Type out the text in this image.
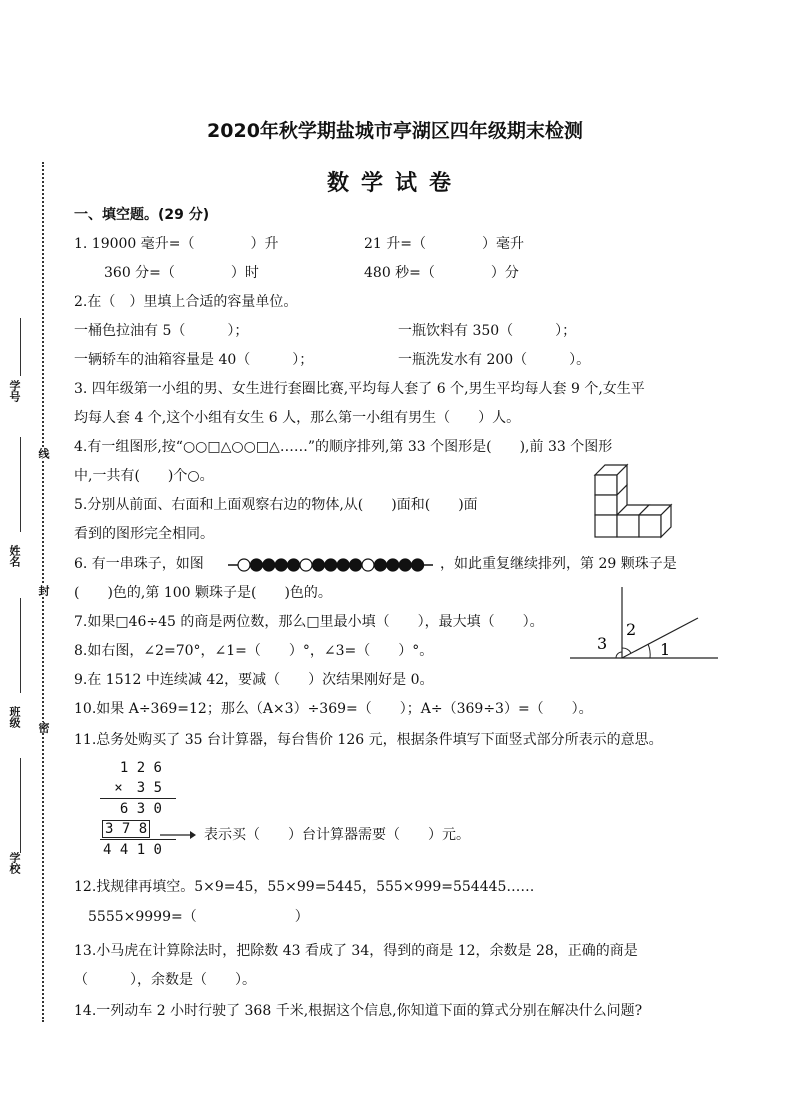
2020年秋学期盐城市亭湖区四年级期末检测
数学试卷
学号
姓名
班级
学校
线
封
密
一、填空题。(29 分)
1. 19000 毫升=（　　　　）升	21 升=（　　　　）毫升
360 分=（　　　　）时	480 秒=（　　　　）分
2.在（　）里填上合适的容量单位。
一桶色拉油有 5（　　　）；	一瓶饮料有 350（　　　）；
一辆轿车的油箱容量是 40（　　　）；	一瓶洗发水有 200（　　　）。
3. 四年级第一小组的男、女生进行套圈比赛,平均每人套了 6 个,男生平均每人套 9 个,女生平
均每人套 4 个,这个小组有女生 6 人，那么第一小组有男生（　　）人。
4.有一组图形,按“○○□△○○□△……”的顺序排列,第 33 个图形是(　　),前 33 个图形
中,一共有(　　)个○。
5.分别从前面、右面和上面观察右边的物体,从(　　)面和(　　)面
看到的图形完全相同。
6. 有一串珠子，如图	，如此重复继续排列，第 29 颗珠子是
(　　)色的,第 100 颗珠子是(　　)色的。
7.如果□46÷45 的商是两位数，那么□里最小填（　　），最大填（　　）。
8.如右图，∠2=70°，∠1=（　　）°，∠3=（　　）°。	3
2
1
9.在 1512 中连续减 42，要减（　　）次结果刚好是 0。
10.如果 A÷369=12；那么（A×3）÷369=（　　）；A÷（369÷3）=（　　）。
11.总务处购买了 35 台计算器，每台售价 126 元，根据条件填写下面竖式部分所表示的意思。
1 2 6
×　3 5
6 3 0
3 7 8
4 4 1 0
表示买（　　）台计算器需要（　　）元。
12.找规律再填空。5×9=45，55×99=5445，555×999=554445……
5555×9999=（　　　　　　　）
13.小马虎在计算除法时，把除数 43 看成了 34，得到的商是 12，余数是 28，正确的商是
（　　　），余数是（　　）。
14.一列动车 2 小时行驶了 368 千米,根据这个信息,你知道下面的算式分别在解决什么问题?
